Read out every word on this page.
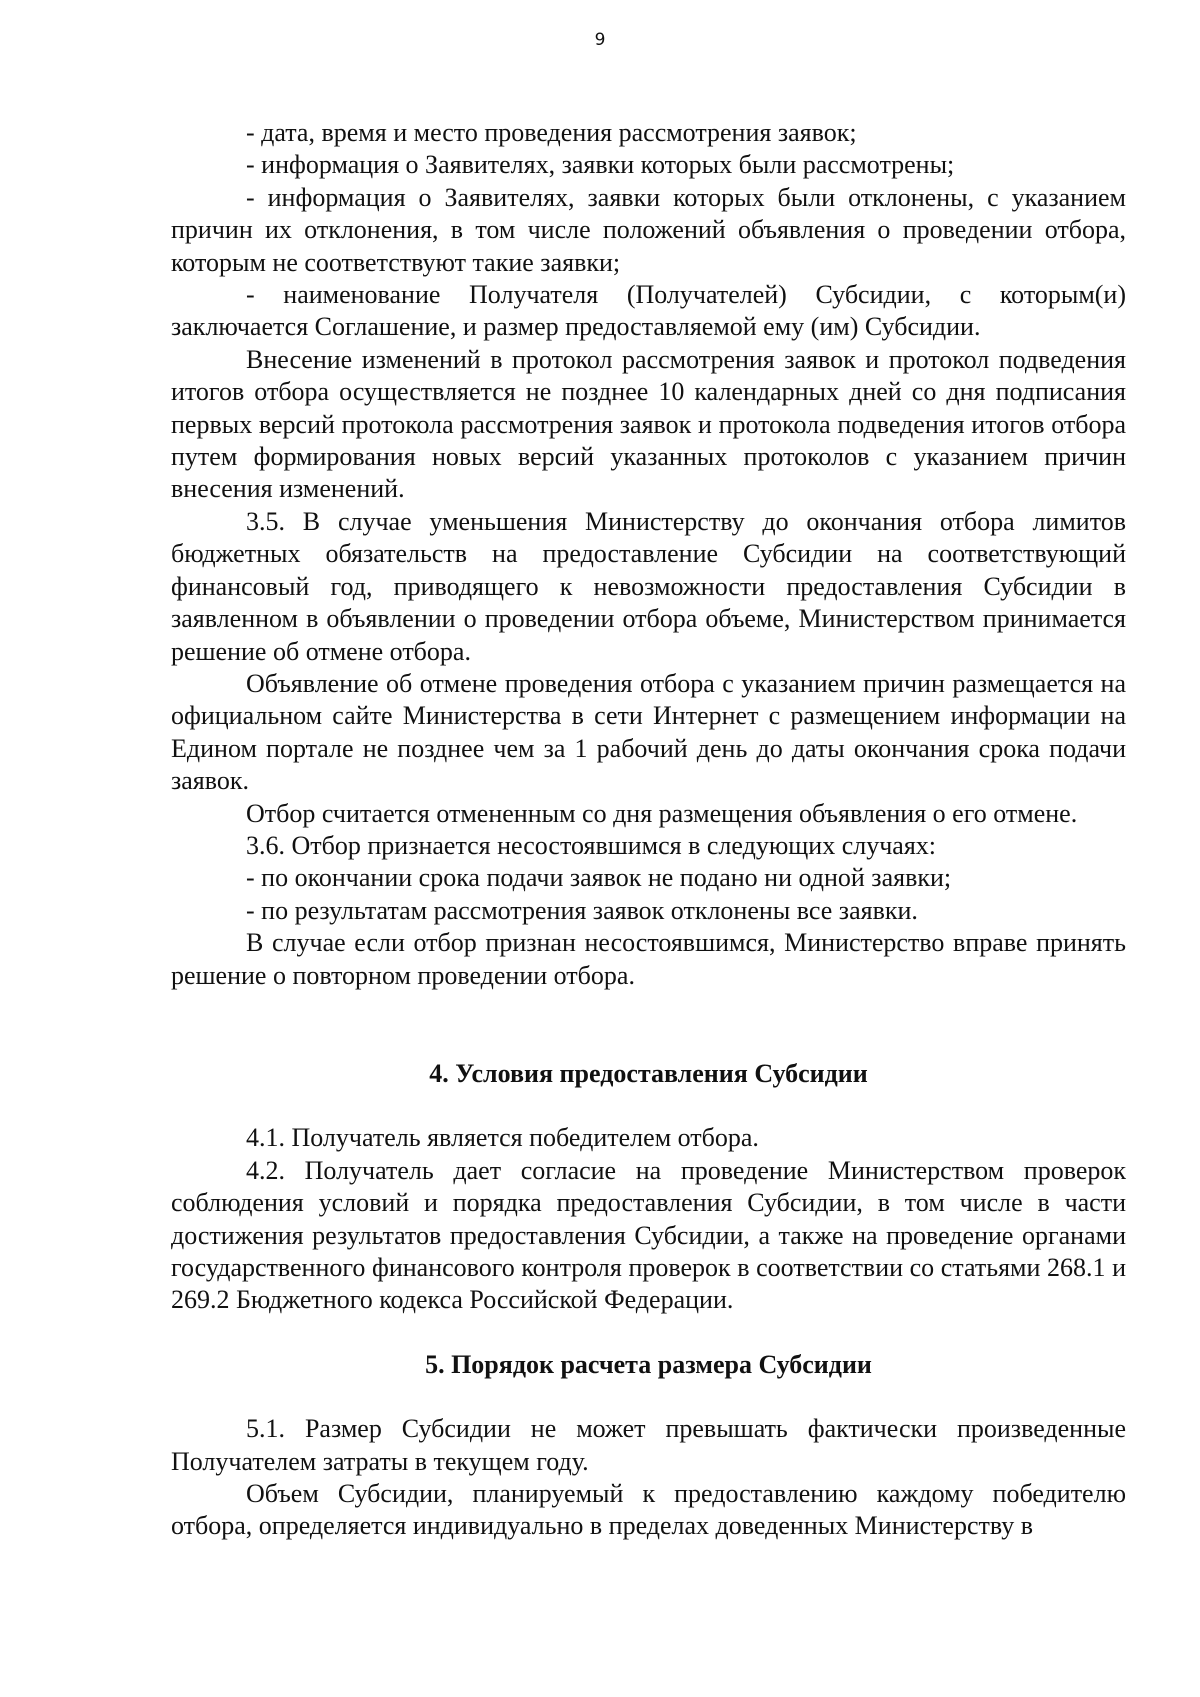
9

- дата, время и место проведения рассмотрения заявок;

- информация о Заявителях, заявки которых были рассмотрены;

- информация о Заявителях, заявки которых были отклонены, с указанием причин их отклонения, в том числе положений объявления о проведении отбора, которым не соответствуют такие заявки;

- наименование Получателя (Получателей) Субсидии, с которым(и) заключается Соглашение, и размер предоставляемой ему (им) Субсидии.

Внесение изменений в протокол рассмотрения заявок и протокол подведения итогов отбора осуществляется не позднее 10 календарных дней со дня подписания первых версий протокола рассмотрения заявок и протокола подведения итогов отбора путем формирования новых версий указанных протоколов с указанием причин внесения изменений.

3.5. В случае уменьшения Министерству до окончания отбора лимитов бюджетных обязательств на предоставление Субсидии на соответствующий финансовый год, приводящего к невозможности предоставления Субсидии в заявленном в объявлении о проведении отбора объеме, Министерством принимается решение об отмене отбора.

Объявление об отмене проведения отбора с указанием причин размещается на официальном сайте Министерства в сети Интернет с размещением информации на Едином портале не позднее чем за 1 рабочий день до даты окончания срока подачи заявок.

Отбор считается отмененным со дня размещения объявления о его отмене.

3.6. Отбор признается несостоявшимся в следующих случаях:

- по окончании срока подачи заявок не подано ни одной заявки;

- по результатам рассмотрения заявок отклонены все заявки.

В случае если отбор признан несостоявшимся, Министерство вправе принять решение о повторном проведении отбора.

4. Условия предоставления Субсидии

4.1. Получатель является победителем отбора.

4.2. Получатель дает согласие на проведение Министерством проверок соблюдения условий и порядка предоставления Субсидии, в том числе в части достижения результатов предоставления Субсидии, а также на проведение органами государственного финансового контроля проверок в соответствии со статьями 268.1 и 269.2 Бюджетного кодекса Российской Федерации.

5. Порядок расчета размера Субсидии

5.1. Размер Субсидии не может превышать фактически произведенные Получателем затраты в текущем году.

Объем Субсидии, планируемый к предоставлению каждому победителю отбора, определяется индивидуально в пределах доведенных Министерству в
